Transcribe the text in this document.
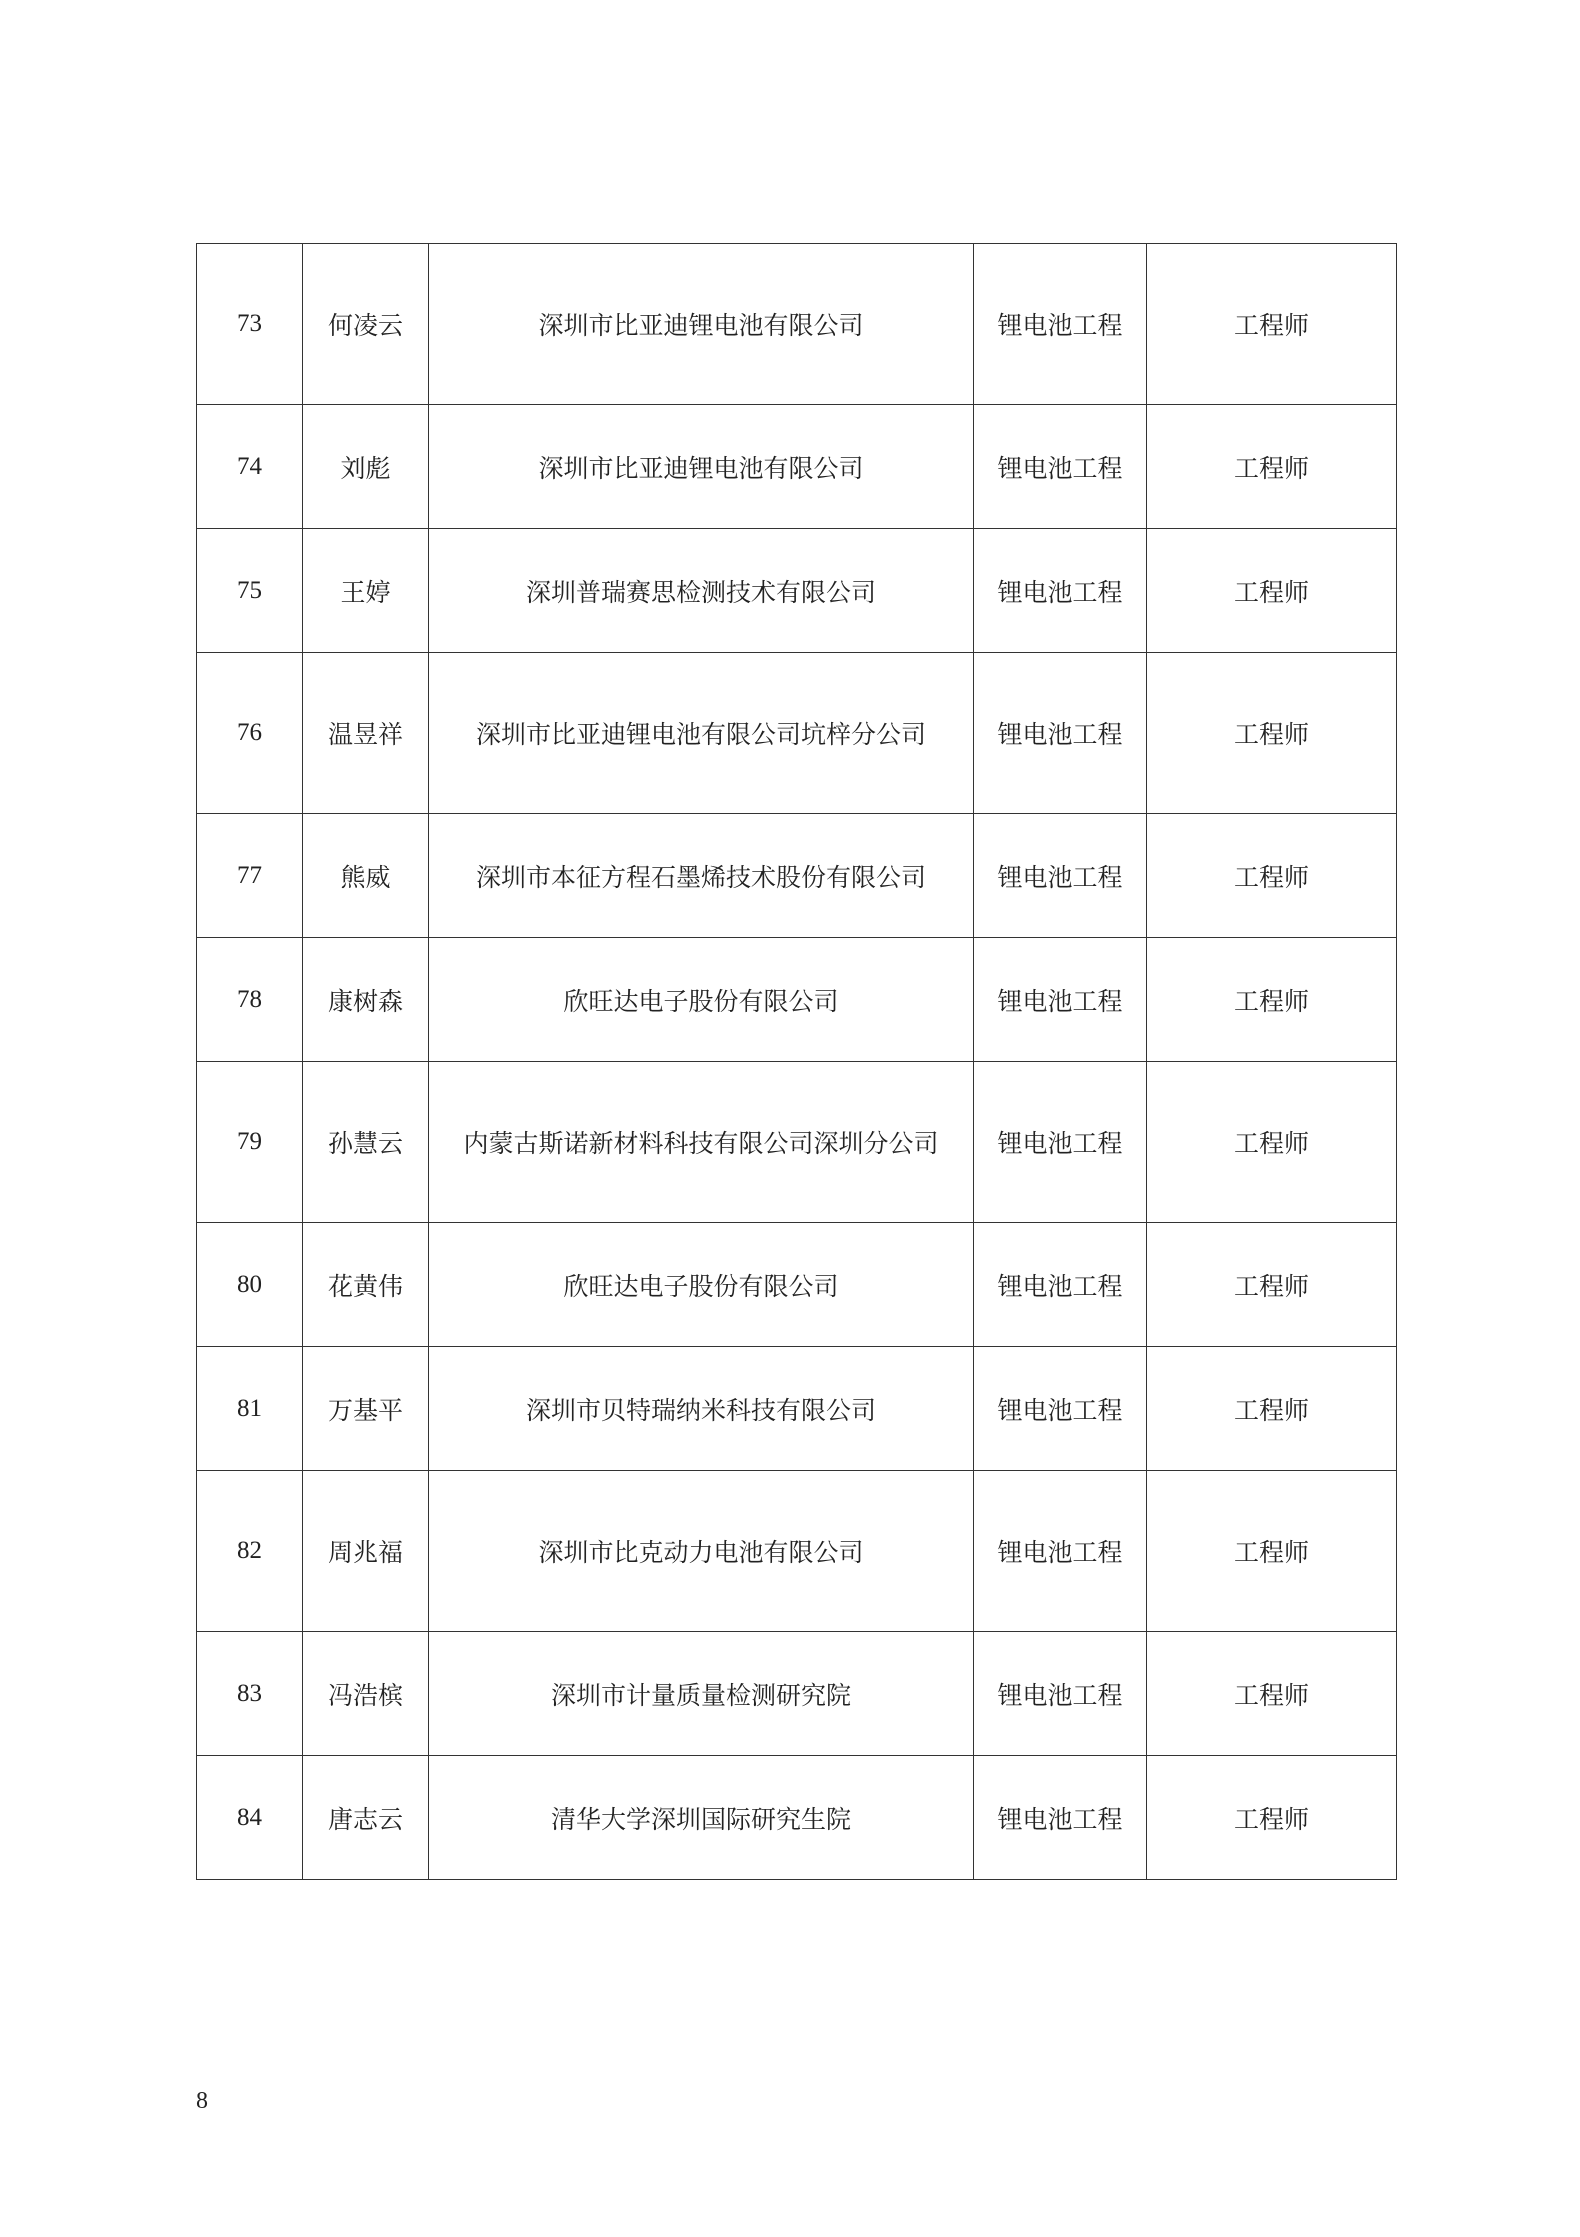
73	何凌云	深圳市比亚迪锂电池有限公司	锂电池工程	工程师
74	刘彪	深圳市比亚迪锂电池有限公司	锂电池工程	工程师
75	王婷	深圳普瑞赛思检测技术有限公司	锂电池工程	工程师
76	温昱祥	深圳市比亚迪锂电池有限公司坑梓分公司	锂电池工程	工程师
77	熊威	深圳市本征方程石墨烯技术股份有限公司	锂电池工程	工程师
78	康树森	欣旺达电子股份有限公司	锂电池工程	工程师
79	孙慧云	内蒙古斯诺新材料科技有限公司深圳分公司	锂电池工程	工程师
80	花黄伟	欣旺达电子股份有限公司	锂电池工程	工程师
81	万基平	深圳市贝特瑞纳米科技有限公司	锂电池工程	工程师
82	周兆福	深圳市比克动力电池有限公司	锂电池工程	工程师
83	冯浩槟	深圳市计量质量检测研究院	锂电池工程	工程师
84	唐志云	清华大学深圳国际研究生院	锂电池工程	工程师
8
